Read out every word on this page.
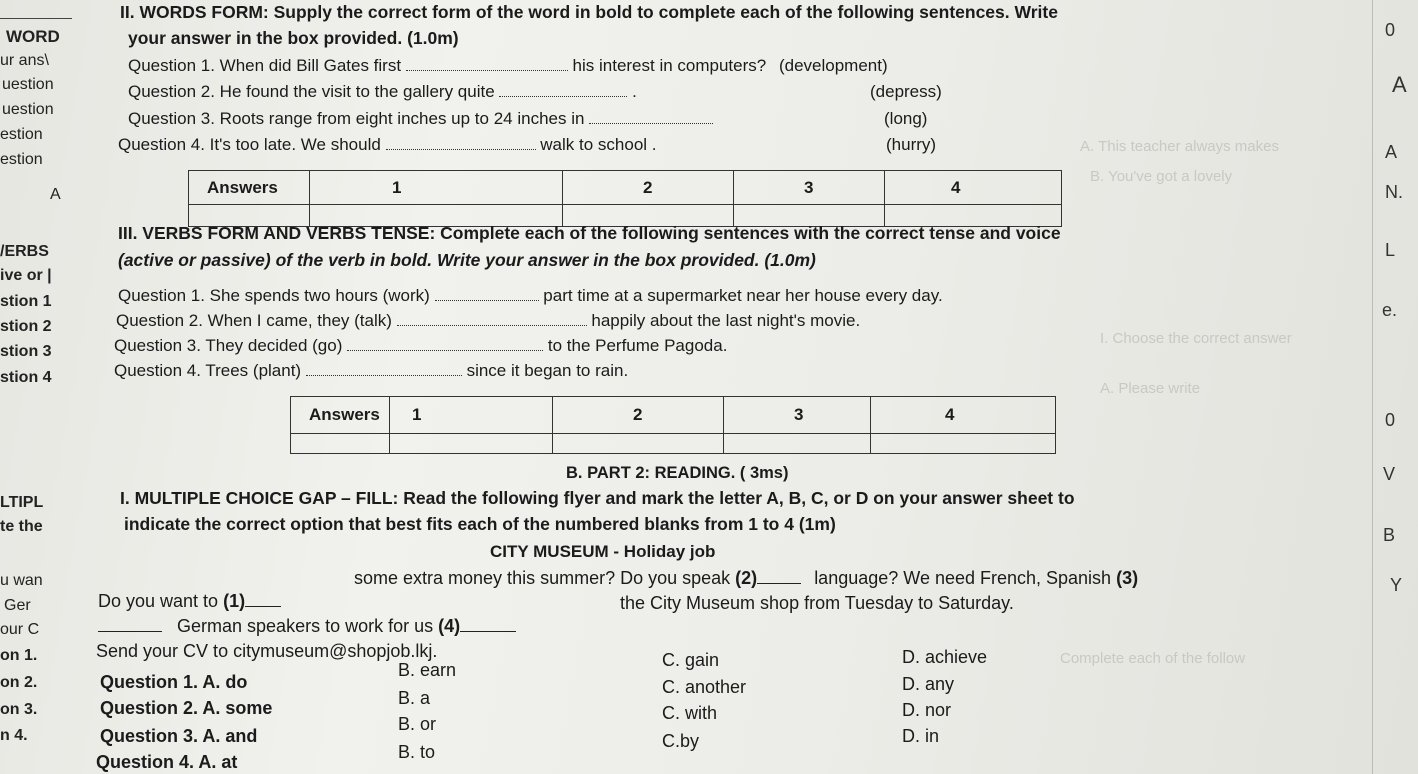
A. This teacher always makes
B. You've got a lovely
I. Choose the correct answer
A. Please write
Complete each of the follow
WORD
ur ans\
uestion
uestion
estion
estion
A
/ERBS
ive or |
stion 1
stion 2
stion 3
stion 4
LTIPL
te the
u wan
Ger
our C
on 1.
on 2.
on 3.
n 4.
0
A
A
N.
L
e.
0
V
B
Y
II. WORDS FORM: Supply the correct form of the word in bold to complete each of the following sentences. Write
your answer in the box provided. (1.0m)
Question 1. When did Bill Gates first	his interest in computers? (development)
Question 2. He found the visit to the gallery quite	.	(depress)
Question 3. Roots range from eight inches up to 24 inches in	(long)
Question 4. It's too late. We should	walk to school .	(hurry)
Answers	1	2	3	4

III. VERBS FORM AND VERBS TENSE: Complete each of the following sentences with the correct tense and voice
(active or passive) of the verb in bold. Write your answer in the box provided. (1.0m)
Question 1. She spends two hours (work)	part time at a supermarket near her house every day.
Question 2. When I came, they (talk)	happily about the last night's movie.
Question 3. They decided (go)	to the Perfume Pagoda.
Question 4. Trees (plant)	since it began to rain.
Answers	1	2	3	4

B. PART 2: READING. ( 3ms)
I. MULTIPLE CHOICE GAP – FILL: Read the following flyer and mark the letter A, B, C, or D on your answer sheet to
indicate the correct option that best fits each of the numbered blanks from 1 to 4 (1m)
CITY MUSEUM - Holiday job
Do you want to (1)
some extra money this summer? Do you speak (2)	language? We need French, Spanish (3)
German speakers to work for us (4)
the City Museum shop from Tuesday to Saturday.
Send your CV to citymuseum@shopjob.lkj.
Question 1. A. do
B. earn	C. gain	D. achieve
Question 2. A. some	B. a
C. another	D. any
Question 3. A. and
B. or
C. with	D. nor
Question 4. A. at	B. to
C.by	D. in
